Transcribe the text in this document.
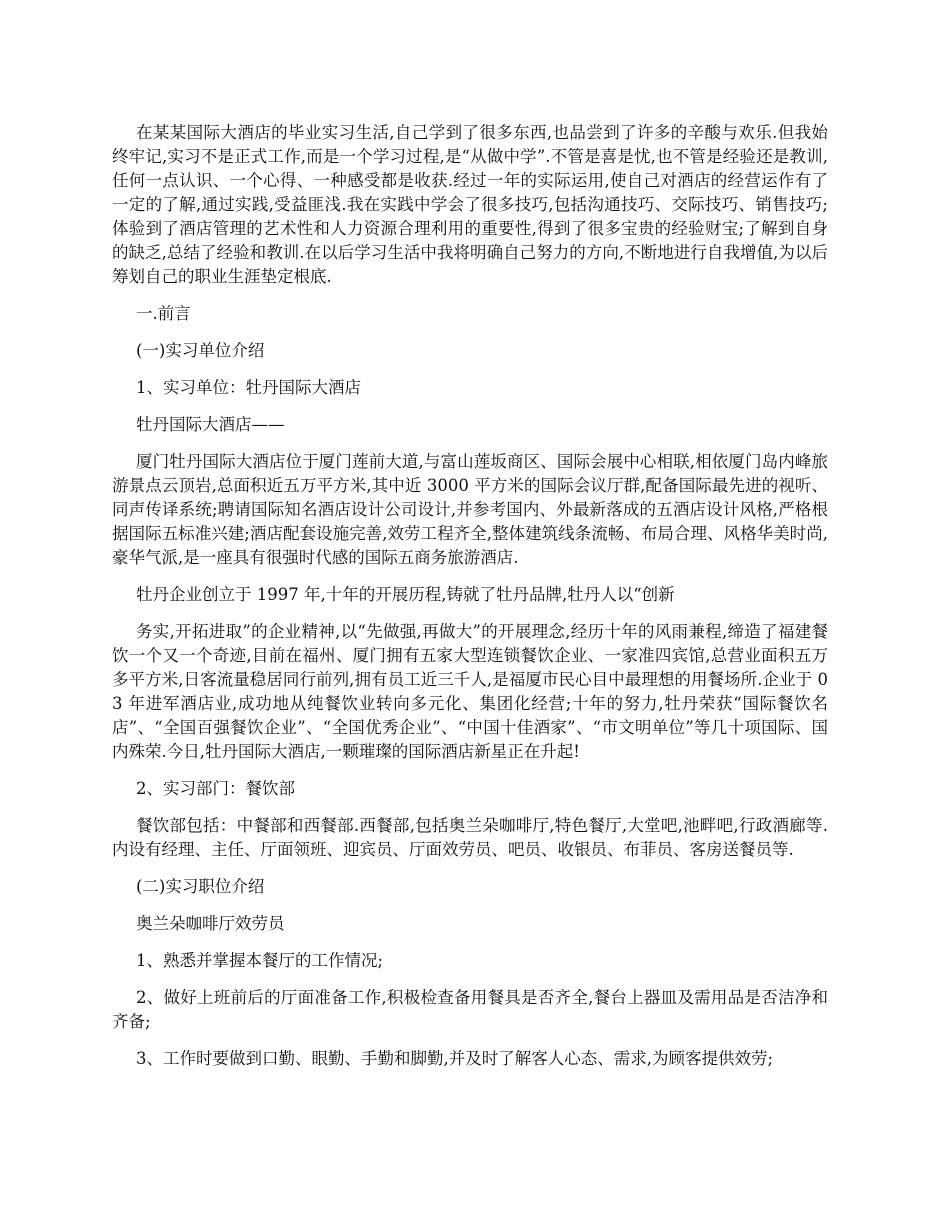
在某某国际大酒店的毕业实习生活,自己学到了很多东西,也品尝到了许多的辛酸与欢乐.但我始终牢记,实习不是正式工作,而是一个学习过程,是“从做中学”.不管是喜是忧,也不管是经验还是教训,任何一点认识、一个心得、一种感受都是收获.经过一年的实际运用,使自己对酒店的经营运作有了一定的了解,通过实践,受益匪浅.我在实践中学会了很多技巧,包括沟通技巧、交际技巧、销售技巧;体验到了酒店管理的艺术性和人力资源合理利用的重要性,得到了很多宝贵的经验财宝;了解到自身的缺乏,总结了经验和教训.在以后学习生活中我将明确自己努力的方向,不断地进行自我增值,为以后筹划自己的职业生涯垫定根底.

一.前言

(一)实习单位介绍

1、实习单位：牡丹国际大酒店

牡丹国际大酒店——

厦门牡丹国际大酒店位于厦门莲前大道,与富山莲坂商区、国际会展中心相联,相依厦门岛内峰旅游景点云顶岩,总面积近五万平方米,其中近 3000 平方米的国际会议厅群,配备国际最先进的视听、同声传译系统;聘请国际知名酒店设计公司设计,并参考国内、外最新落成的五酒店设计风格,严格根据国际五标准兴建;酒店配套设施完善,效劳工程齐全,整体建筑线条流畅、布局合理、风格华美时尚,豪华气派,是一座具有很强时代感的国际五商务旅游酒店.

牡丹企业创立于 1997 年,十年的开展历程,铸就了牡丹品牌,牡丹人以“创新

务实,开拓进取”的企业精神,以“先做强,再做大”的开展理念,经历十年的风雨兼程,缔造了福建餐饮一个又一个奇迹,目前在福州、厦门拥有五家大型连锁餐饮企业、一家准四宾馆,总营业面积五万多平方米,日客流量稳居同行前列,拥有员工近三千人,是福厦市民心目中最理想的用餐场所.企业于 03 年进军酒店业,成功地从纯餐饮业转向多元化、集团化经营;十年的努力,牡丹荣获“国际餐饮名店”、“全国百强餐饮企业”、“全国优秀企业”、“中国十佳酒家”、“市文明单位”等几十项国际、国内殊荣.今日,牡丹国际大酒店,一颗璀璨的国际酒店新星正在升起!

2、实习部门：餐饮部

餐饮部包括：中餐部和西餐部.西餐部,包括奥兰朵咖啡厅,特色餐厅,大堂吧,池畔吧,行政酒廊等.内设有经理、主任、厅面领班、迎宾员、厅面效劳员、吧员、收银员、布菲员、客房送餐员等.

(二)实习职位介绍

奥兰朵咖啡厅效劳员

1、熟悉并掌握本餐厅的工作情况;

2、做好上班前后的厅面准备工作,积极检查备用餐具是否齐全,餐台上器皿及需用品是否洁净和齐备;

3、工作时要做到口勤、眼勤、手勤和脚勤,并及时了解客人心态、需求,为顾客提供效劳;
